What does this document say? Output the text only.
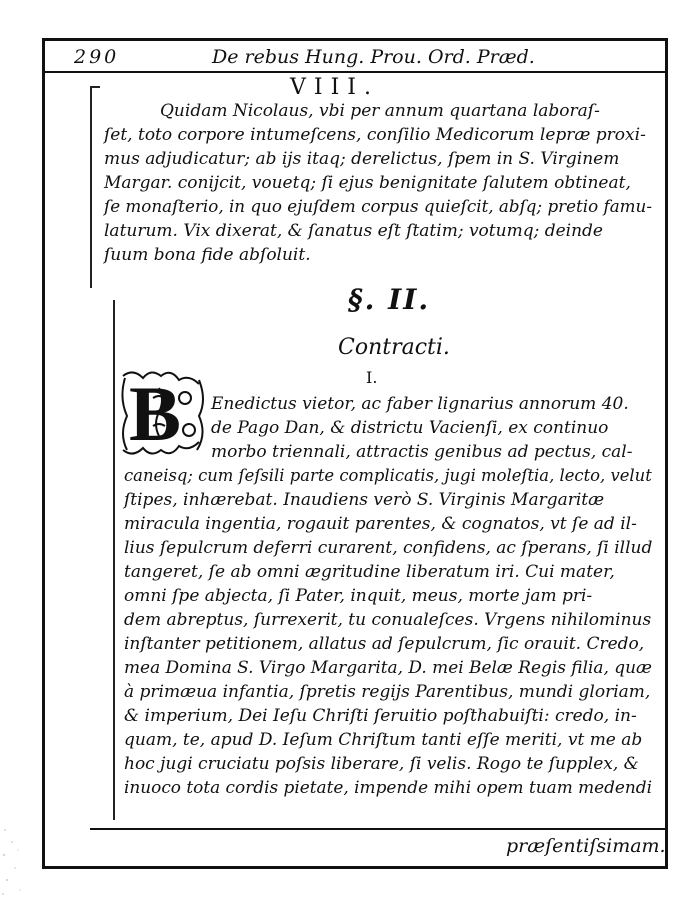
290	De rebus Hung. Prou. Ord. Præd.
VIII.
Quidam Nicolaus, vbi per annum quartana laboraſ-
ſet, toto corpore intumeſcens, conſilio Medicorum lepræ proxi-
mus adjudicatur; ab ijs itaq; derelictus, ſpem in S. Virginem
Margar. conijcit, vouetq; ſi ejus benignitate ſalutem obtineat,
ſe monaſterio, in quo ejuſdem corpus quieſcit, abſq; pretio famu-
laturum. Vix dixerat, & ſanatus eſt ſtatim; votumq; deinde
ſuum bona fide abſoluit.
§. II.
Contracti.
I.
B Enedictus vietor, ac faber lignarius annorum 40.
de Pago Dan, & districtu Vacienſi, ex continuo
morbo triennali, attractis genibus ad pectus, cal-
caneisq; cum ſeſsili parte complicatis, jugi moleſtia, lecto, velut
ſtipes, inhærebat. Inaudiens verò S. Virginis Margaritæ
miracula ingentia, rogauit parentes, & cognatos, vt ſe ad il-
lius ſepulcrum deferri curarent, confidens, ac ſperans, ſi illud
tangeret, ſe ab omni ægritudine liberatum iri. Cui mater,
omni ſpe abjecta, ſi Pater, inquit, meus, morte jam pri-
dem abreptus, ſurrexerit, tu conualeſces. Vrgens nihilominus
inſtanter petitionem, allatus ad ſepulcrum, ſic orauit. Credo,
mea Domina S. Virgo Margarita, D. mei Belæ Regis filia, quæ
à primæua infantia, ſpretis regijs Parentibus, mundi gloriam,
& imperium, Dei Ieſu Chriſti ſeruitio poſthabuiſti: credo, in-
quam, te, apud D. Ieſum Chriſtum tanti eſſe meriti, vt me ab
hoc jugi cruciatu poſsis liberare, ſi velis. Rogo te ſupplex, &
inuoco tota cordis pietate, impende mihi opem tuam medendi
præſentiſsimam.
